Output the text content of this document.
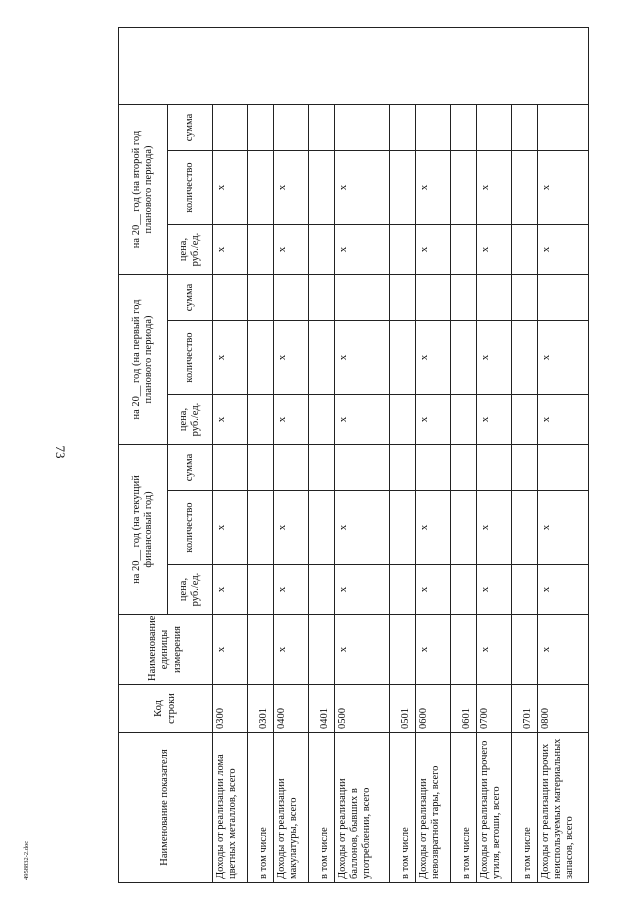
73
Наименование показателя	Код строки	Наименование единицы измерения	на 20__ год (на текущий финансовый год)			на 20__ год (на первый год планового периода)			на 20__ год (на второй год планового периода)			
			цена, руб./ед.	количество	сумма	цена, руб./ед.	количество	сумма	цена, руб./ед.	количество	сумма	
Доходы от реализации лома цветных металлов, всего	0300	x	x	x		x	x		x	x		
в том числе	0301											
Доходы от реализации макулатуры, всего	0400	x	x	x		x	x		x	x		
в том числе	0401											
Доходы от реализации баллонов, бывших в употреблении, всего	0500	x	x	x		x	x		x	x		
в том числе	0501											
Доходы от реализации невозвратной тары, всего	0600	x	x	x		x	x		x	x		
в том числе	0601											
Доходы от реализации прочего утиля, ветоши, всего	0700	x	x	x		x	x		x	x		
в том числе	0701											
Доходы от реализации прочих неиспользуемых материальных запасов, всего	0800	x	x	x		x	x		x	x		
4958832-2.doc
